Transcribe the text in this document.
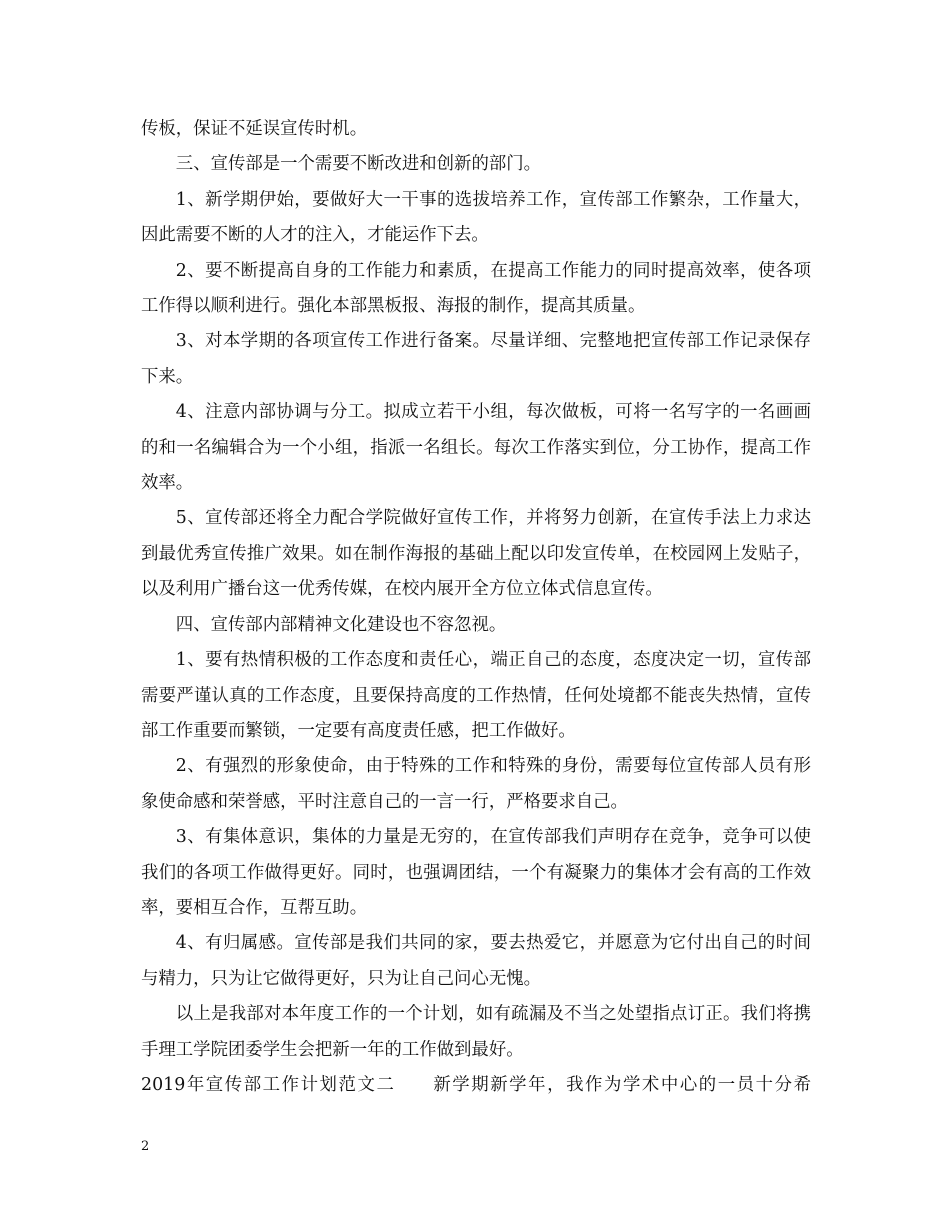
传板，保证不延误宣传时机。

三、宣传部是一个需要不断改进和创新的部门。

1、新学期伊始，要做好大一干事的选拔培养工作，宣传部工作繁杂，工作量大，因此需要不断的人才的注入，才能运作下去。

2、要不断提高自身的工作能力和素质，在提高工作能力的同时提高效率，使各项工作得以顺利进行。强化本部黑板报、海报的制作，提高其质量。

3、对本学期的各项宣传工作进行备案。尽量详细、完整地把宣传部工作记录保存下来。

4、注意内部协调与分工。拟成立若干小组，每次做板，可将一名写字的一名画画的和一名编辑合为一个小组，指派一名组长。每次工作落实到位，分工协作，提高工作效率。

5、宣传部还将全力配合学院做好宣传工作，并将努力创新，在宣传手法上力求达到最优秀宣传推广效果。如在制作海报的基础上配以印发宣传单，在校园网上发贴子，以及利用广播台这一优秀传媒，在校内展开全方位立体式信息宣传。

四、宣传部内部精神文化建设也不容忽视。

1、要有热情积极的工作态度和责任心，端正自己的态度，态度决定一切，宣传部需要严谨认真的工作态度，且要保持高度的工作热情，任何处境都不能丧失热情，宣传部工作重要而繁锁，一定要有高度责任感，把工作做好。

2、有强烈的形象使命，由于特殊的工作和特殊的身份，需要每位宣传部人员有形象使命感和荣誉感，平时注意自己的一言一行，严格要求自己。

3、有集体意识，集体的力量是无穷的，在宣传部我们声明存在竞争，竞争可以使我们的各项工作做得更好。同时，也强调团结，一个有凝聚力的集体才会有高的工作效率，要相互合作，互帮互助。

4、有归属感。宣传部是我们共同的家，要去热爱它，并愿意为它付出自己的时间与精力，只为让它做得更好，只为让自己问心无愧。

以上是我部对本年度工作的一个计划，如有疏漏及不当之处望指点订正。我们将携手理工学院团委学生会把新一年的工作做到最好。

2019年宣传部工作计划范文二　　新学期新学年，我作为学术中心的一员十分希

2
